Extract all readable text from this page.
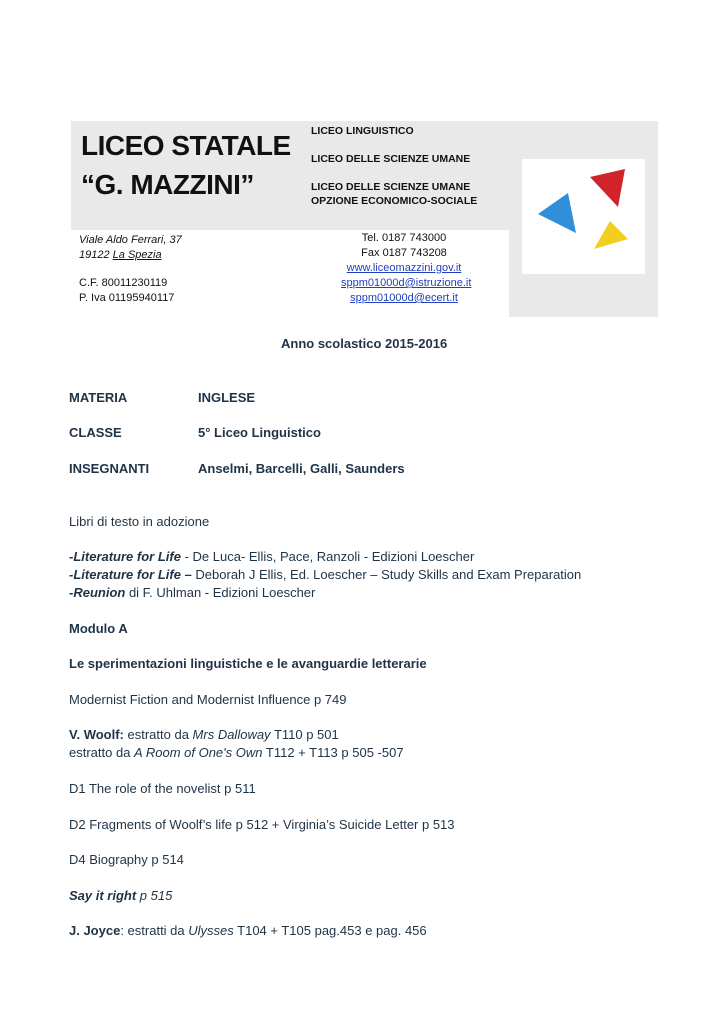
LICEO STATALE
“G. MAZZINI”
LICEO LINGUISTICO
LICEO DELLE SCIENZE UMANE
LICEO DELLE SCIENZE UMANE
OPZIONE ECONOMICO-SOCIALE
Viale Aldo Ferrari, 37
19122 La Spezia
C.F. 80011230119
P. Iva 01195940117
Tel. 0187 743000
Fax 0187 743208
www.liceomazzini.gov.it
sppm01000d@istruzione.it
sppm01000d@ecert.it
Anno scolastico 2015-2016
MATERIA	INGLESE
CLASSE	5° Liceo Linguistico
INSEGNANTI	Anselmi, Barcelli, Galli, Saunders
Libri di testo in adozione
-Literature for Life - De Luca- Ellis, Pace, Ranzoli - Edizioni Loescher
-Literature for Life – Deborah J Ellis, Ed. Loescher – Study Skills and Exam Preparation
-Reunion di F. Uhlman - Edizioni Loescher
Modulo A
Le sperimentazioni linguistiche e le avanguardie letterarie
Modernist Fiction and Modernist Influence p 749
V. Woolf: estratto da Mrs Dalloway T110 p 501
estratto da A Room of One's Own T112 + T113 p 505 -507
D1 The role of the novelist p 511
D2 Fragments of Woolf’s life p 512 + Virginia’s Suicide Letter p 513
D4 Biography p 514
Say it right p 515
J. Joyce: estratti da Ulysses T104 + T105 pag.453 e pag. 456
